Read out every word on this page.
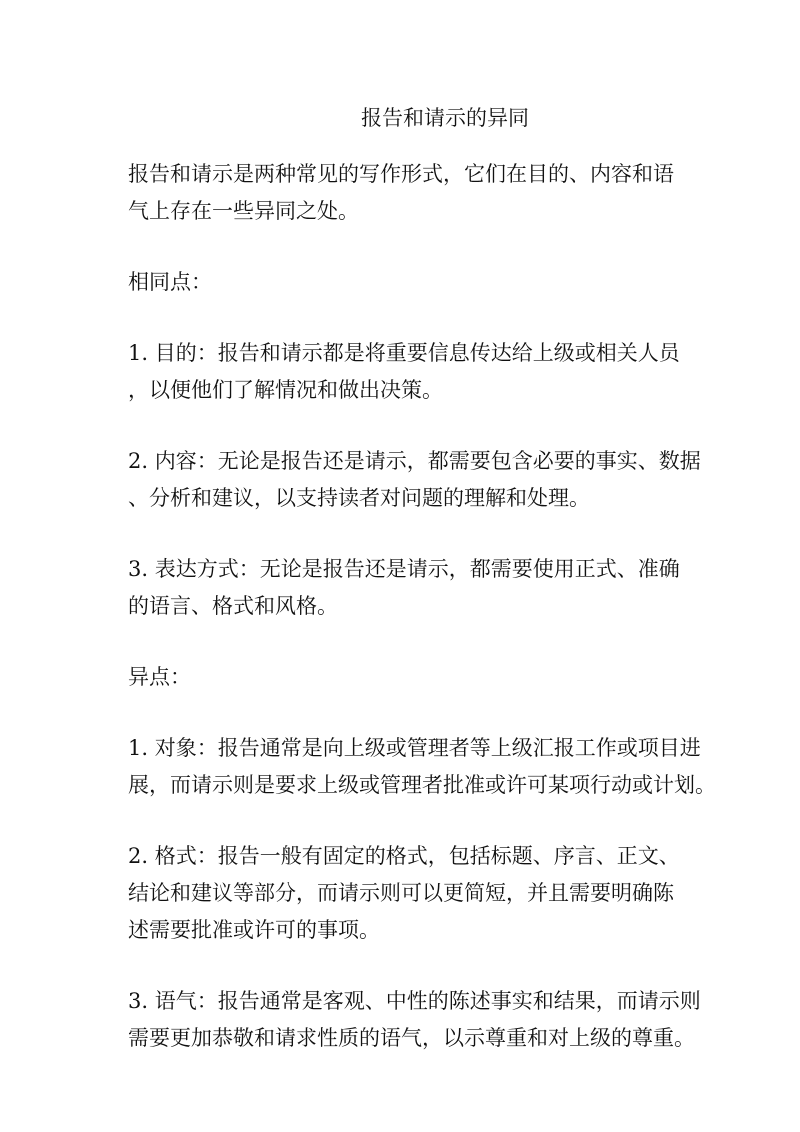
报告和请示的异同
报告和请示是两种常见的写作形式，它们在目的、内容和语
气上存在一些异同之处。
相同点：
1. 目的：报告和请示都是将重要信息传达给上级或相关人员
，以便他们了解情况和做出决策。
2. 内容：无论是报告还是请示，都需要包含必要的事实、数据
、分析和建议，以支持读者对问题的理解和处理。
3. 表达方式：无论是报告还是请示，都需要使用正式、准确
的语言、格式和风格。
异点：
1. 对象：报告通常是向上级或管理者等上级汇报工作或项目进
展，而请示则是要求上级或管理者批准或许可某项行动或计划。
2. 格式：报告一般有固定的格式，包括标题、序言、正文、
结论和建议等部分，而请示则可以更简短，并且需要明确陈
述需要批准或许可的事项。
3. 语气：报告通常是客观、中性的陈述事实和结果，而请示则
需要更加恭敬和请求性质的语气，以示尊重和对上级的尊重。
